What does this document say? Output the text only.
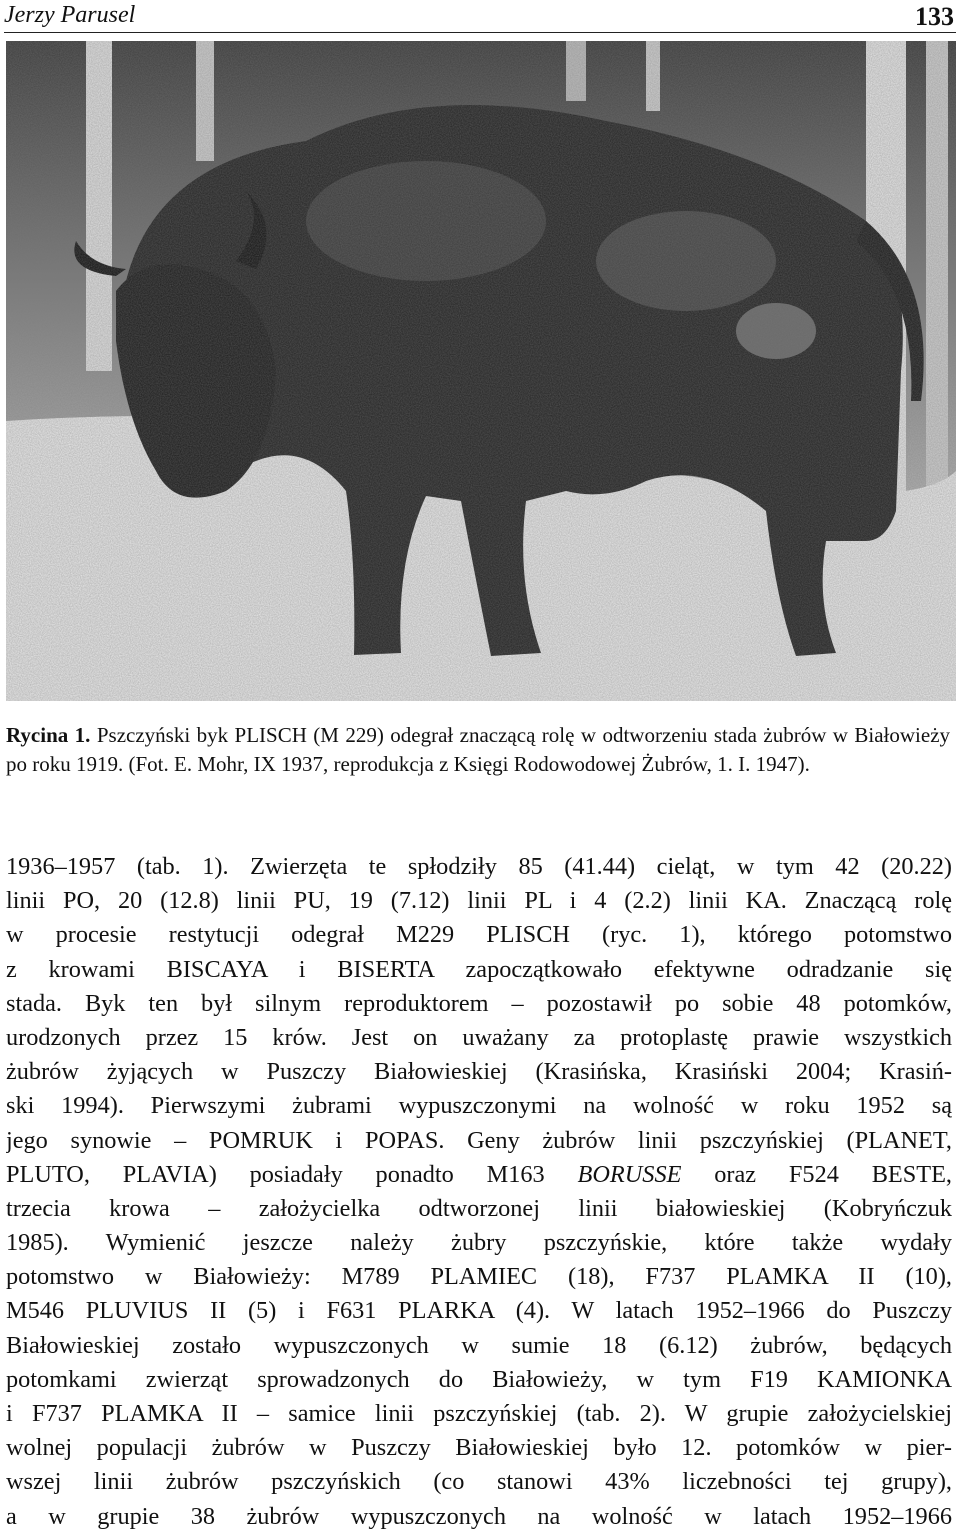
Jerzy Parusel	133
Rycina 1. Pszczyński byk PLISCH (M 229) odegrał znaczącą rolę w odtworzeniu stada żubrów w Białowieży po roku 1919. (Fot. E. Mohr, IX 1937, reprodukcja z Księgi Rodowodowej Żubrów, 1. I. 1947).
1936–1957 (tab. 1). Zwierzęta te spłodziły 85 (41.44) cieląt, w tym 42 (20.22)
linii PO, 20 (12.8) linii PU, 19 (7.12) linii PL i 4 (2.2) linii KA. Znaczącą rolę
w procesie restytucji odegrał M229 PLISCH (ryc. 1), którego potomstwo
z krowami BISCAYA i BISERTA zapoczątkowało efektywne odradzanie się
stada. Byk ten był silnym reproduktorem – pozostawił po sobie 48 potomków,
urodzonych przez 15 krów. Jest on uważany za protoplastę prawie wszystkich
żubrów żyjących w Puszczy Białowieskiej (Krasińska, Krasiński 2004; Krasiń-
ski 1994). Pierwszymi żubrami wypuszczonymi na wolność w roku 1952 są
jego synowie – POMRUK i POPAS. Geny żubrów linii pszczyńskiej (PLANET,
PLUTO, PLAVIA) posiadały ponadto M163 BORUSSE oraz F524 BESTE,
trzecia krowa – założycielka odtworzonej linii białowieskiej (Kobryńczuk
1985). Wymienić jeszcze należy żubry pszczyńskie, które także wydały
potomstwo w Białowieży: M789 PLAMIEC (18), F737 PLAMKA II (10),
M546 PLUVIUS II (5) i F631 PLARKA (4). W latach 1952–1966 do Puszczy
Białowieskiej zostało wypuszczonych w sumie 18 (6.12) żubrów, będących
potomkami zwierząt sprowadzonych do Białowieży, w tym F19 KAMIONKA
i F737 PLAMKA II – samice linii pszczyńskiej (tab. 2). W grupie założycielskiej
wolnej populacji żubrów w Puszczy Białowieskiej było 12. potomków w pier-
wszej linii żubrów pszczyńskich (co stanowi 43% liczebności tej grupy),
a w grupie 38 żubrów wypuszczonych na wolność w latach 1952–1966
